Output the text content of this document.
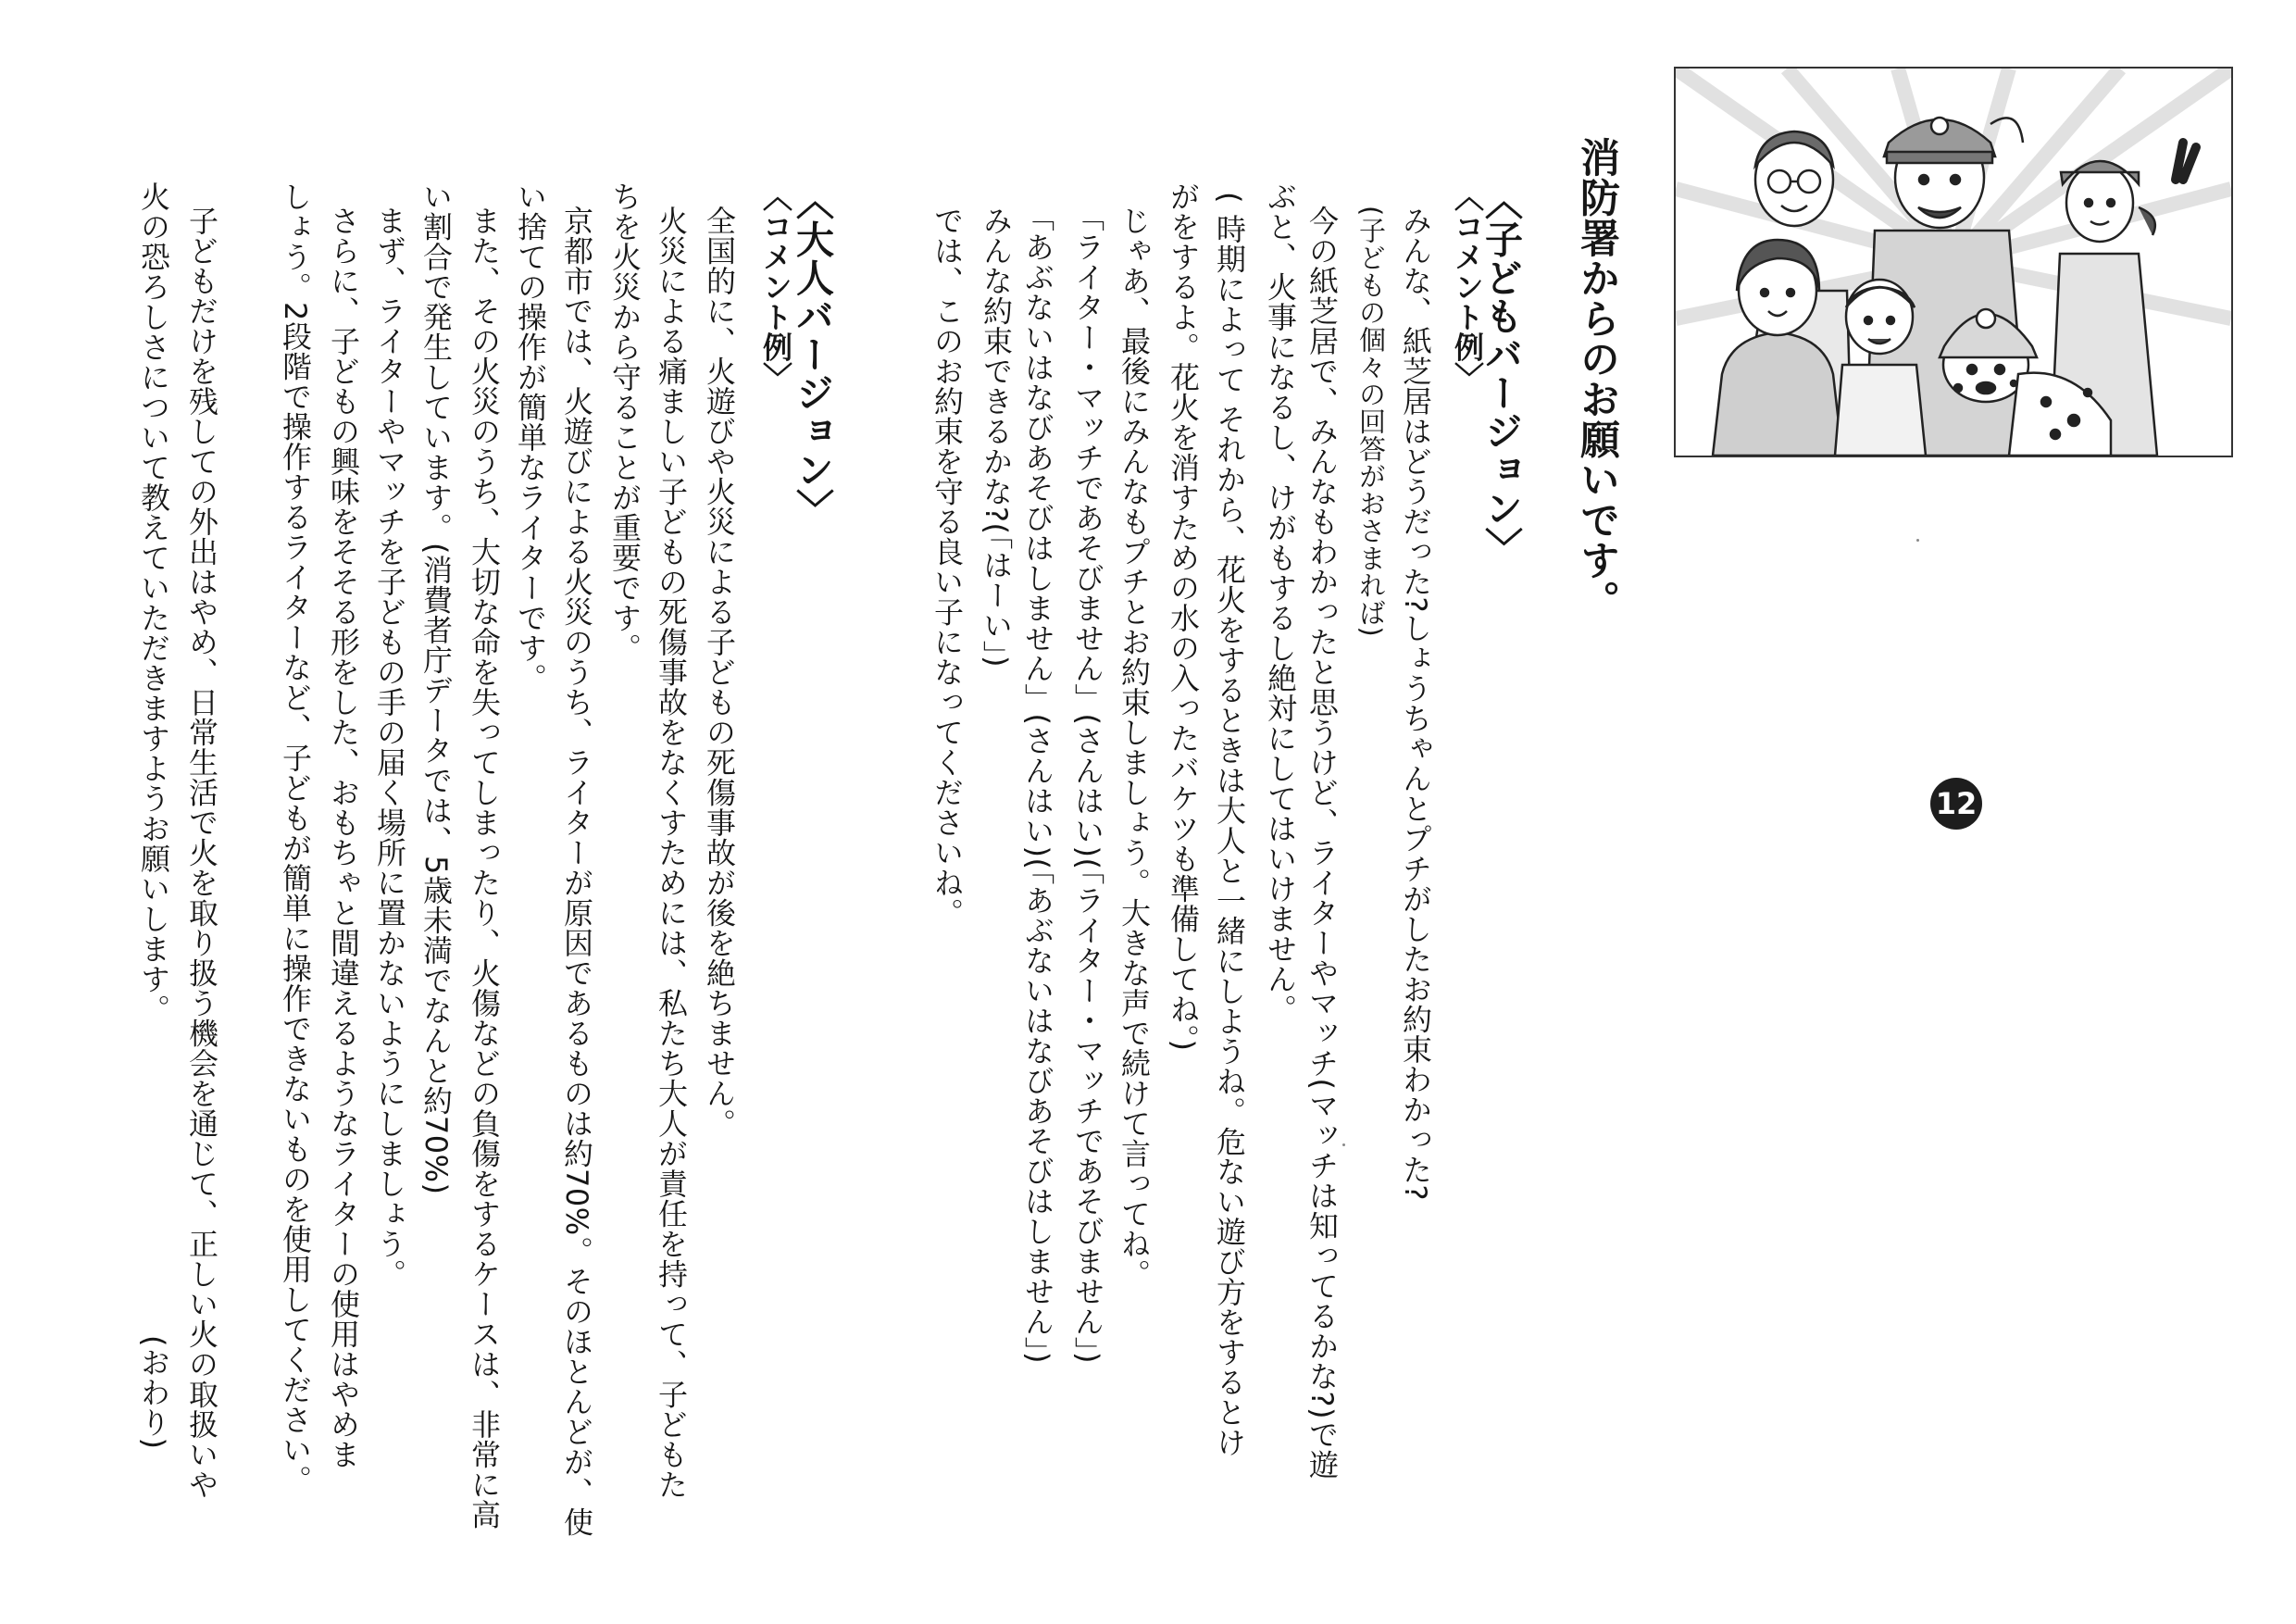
消防署からのお願いです。
〈子どもバージョン〉
〈コメント例〉
みんな、紙芝居はどうだった?しょうちゃんとプチがしたお約束わかった?
(子どもの個々の回答がおさまれば)
今の紙芝居で、みんなもわかったと思うけど、ライターやマッチ(マッチは知ってるかな?)で遊
ぶと、火事になるし、けがもするし絶対にしてはいけません。
( 時期によって それから、花火をするときは大人と一緒にしようね。危ない遊び方をするとけ
がをするよ。花火を消すための水の入ったバケツも準備してね。)
じゃあ、最後にみんなもプチとお約束しましょう。大きな声で続けて言ってね。
「ライター・マッチであそびません」(さんはい)(「ライター・マッチであそびません」)
「あぶないはなびあそびはしません」(さんはい)(「あぶないはなびあそびはしません」)
みんな約束できるかな?(「はーい」)
では、このお約束を守る良い子になってくださいね。
〈大人バージョン〉
〈コメント例〉
全国的に、火遊びや火災による子どもの死傷事故が後を絶ちません。
火災による痛ましい子どもの死傷事故をなくすためには、私たち大人が責任を持って、子どもた
ちを火災から守ることが重要です。
京都市では、火遊びによる火災のうち、ライターが原因であるものは約70%。そのほとんどが、使
い捨ての操作が簡単なライターです。
また、その火災のうち、大切な命を失ってしまったり、火傷などの負傷をするケースは、非常に高
い割合で発生しています。(消費者庁データでは、5歳未満でなんと約70%)
まず、ライターやマッチを子どもの手の届く場所に置かないようにしましょう。
さらに、子どもの興味をそそる形をした、おもちゃと間違えるようなライターの使用はやめま
しょう。2段階で操作するライターなど、子どもが簡単に操作できないものを使用してください。
子どもだけを残しての外出はやめ、日常生活で火を取り扱う機会を通じて、正しい火の取扱いや
火の恐ろしさについて教えていただきますようお願いします。
(おわり)
12
